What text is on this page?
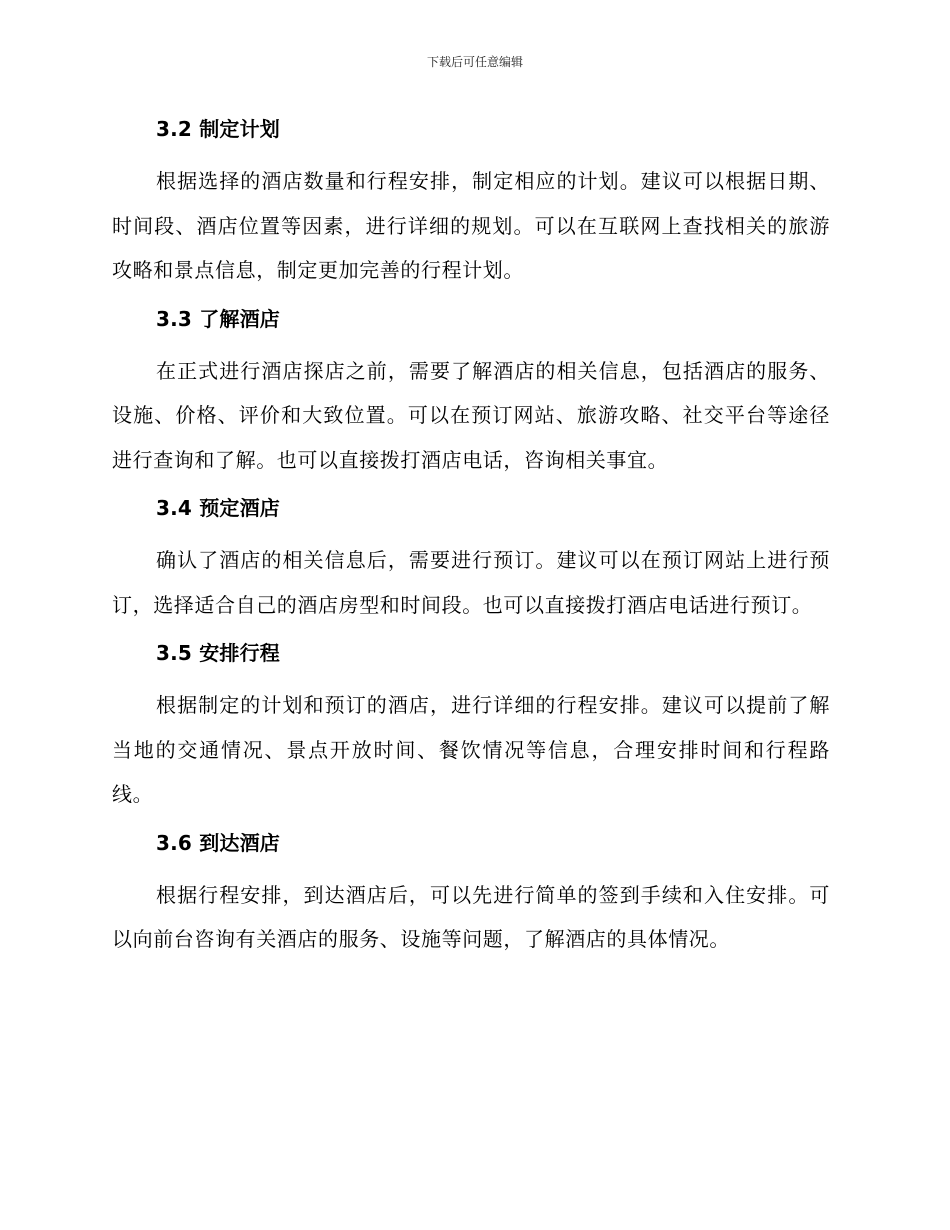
下载后可任意编辑
3.2 制定计划

根据选择的酒店数量和行程安排，制定相应的计划。建议可以根据日期、时间段、酒店位置等因素，进行详细的规划。可以在互联网上查找相关的旅游攻略和景点信息，制定更加完善的行程计划。

3.3 了解酒店

在正式进行酒店探店之前，需要了解酒店的相关信息，包括酒店的服务、设施、价格、评价和大致位置。可以在预订网站、旅游攻略、社交平台等途径进行查询和了解。也可以直接拨打酒店电话，咨询相关事宜。

3.4 预定酒店

确认了酒店的相关信息后，需要进行预订。建议可以在预订网站上进行预订，选择适合自己的酒店房型和时间段。也可以直接拨打酒店电话进行预订。

3.5 安排行程

根据制定的计划和预订的酒店，进行详细的行程安排。建议可以提前了解当地的交通情况、景点开放时间、餐饮情况等信息，合理安排时间和行程路线。

3.6 到达酒店

根据行程安排，到达酒店后，可以先进行简单的签到手续和入住安排。可以向前台咨询有关酒店的服务、设施等问题，了解酒店的具体情况。
